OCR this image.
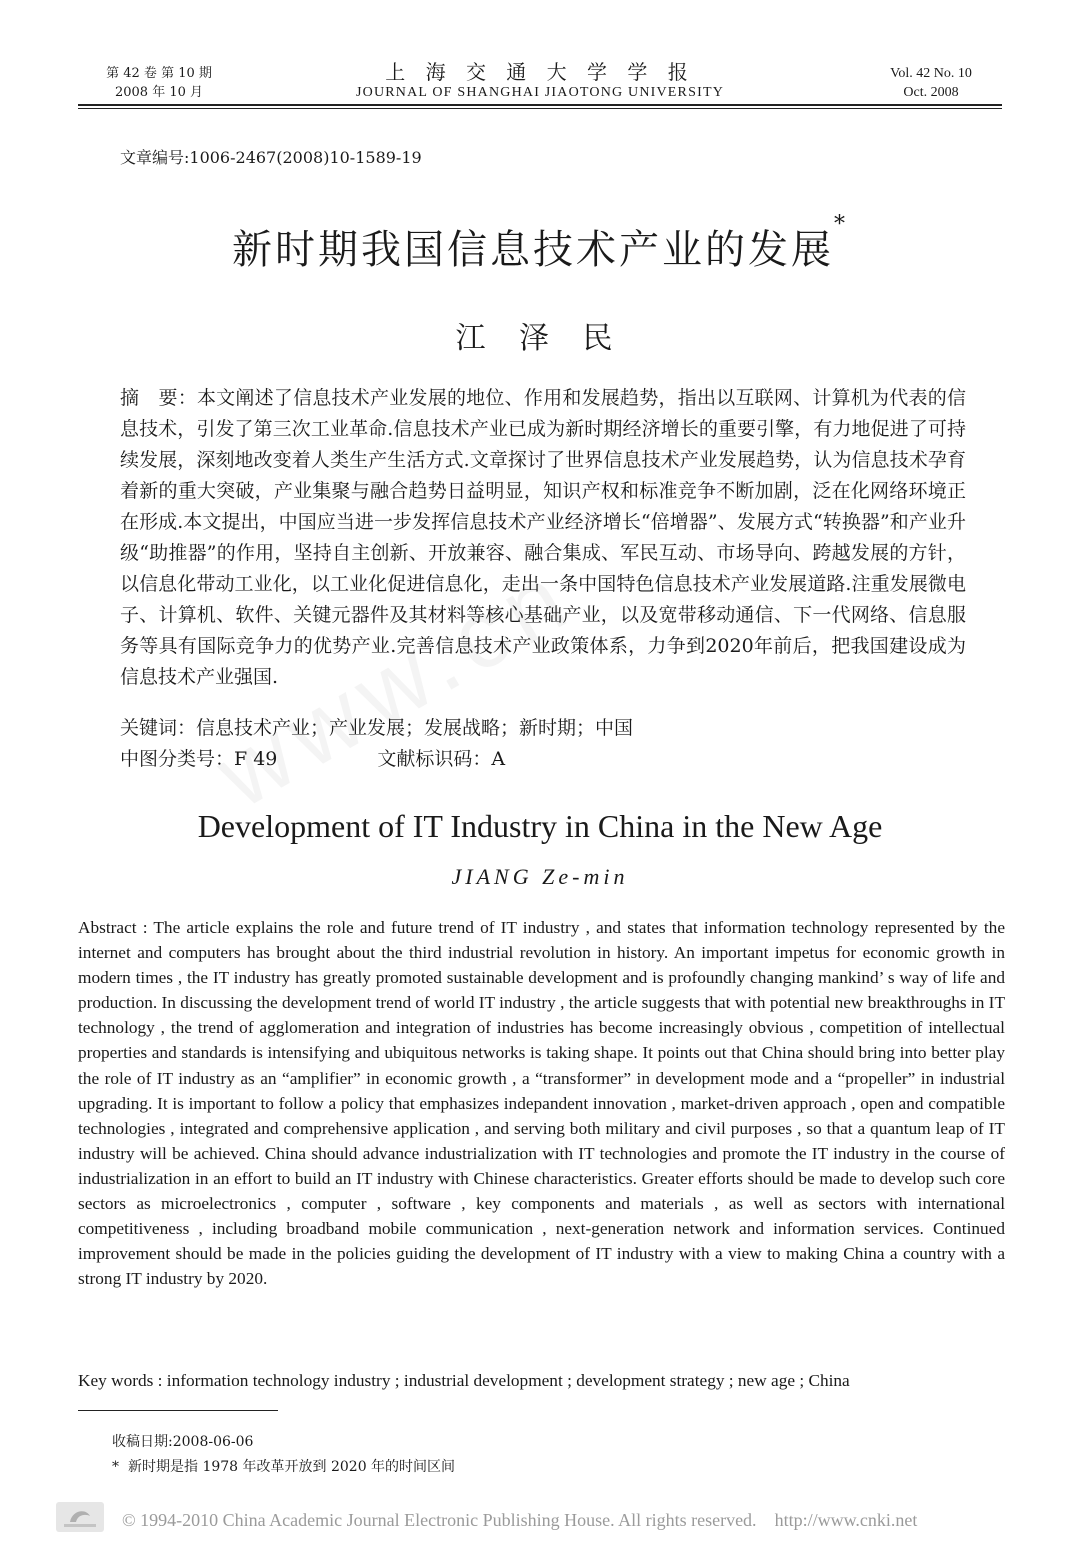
第 42 卷 第 10 期
2008 年 10 月
上 海 交 通 大 学 学 报
JOURNAL OF SHANGHAI JIAOTONG UNIVERSITY
Vol. 42 No. 10
Oct. 2008
文章编号:1006-2467(2008)10-1589-19
新时期我国信息技术产业的发展*
江 泽 民
摘　要：本文阐述了信息技术产业发展的地位、作用和发展趋势，指出以互联网、计算机为代表的信息技术，引发了第三次工业革命.信息技术产业已成为新时期经济增长的重要引擎，有力地促进了可持续发展，深刻地改变着人类生产生活方式.文章探讨了世界信息技术产业发展趋势，认为信息技术孕育着新的重大突破，产业集聚与融合趋势日益明显，知识产权和标准竞争不断加剧，泛在化网络环境正在形成.本文提出，中国应当进一步发挥信息技术产业经济增长“倍增器”、发展方式“转换器”和产业升级“助推器”的作用，坚持自主创新、开放兼容、融合集成、军民互动、市场导向、跨越发展的方针，以信息化带动工业化，以工业化促进信息化，走出一条中国特色信息技术产业发展道路.注重发展微电子、计算机、软件、关键元器件及其材料等核心基础产业，以及宽带移动通信、下一代网络、信息服务等具有国际竞争力的优势产业.完善信息技术产业政策体系，力争到2020年前后，把我国建设成为信息技术产业强国.
关键词：信息技术产业；产业发展；发展战略；新时期；中国
中图分类号：F 49	文献标识码：A
Development of IT Industry in China in the New Age
JIANG Ze-min
Abstract : The article explains the role and future trend of IT industry , and states that information technology represented by the internet and computers has brought about the third industrial revolution in history. An important impetus for economic growth in modern times , the IT industry has greatly promoted sustainable development and is profoundly changing mankind’ s way of life and production. In discussing the development trend of world IT industry , the article suggests that with potential new breakthroughs in IT technology , the trend of agglomeration and integration of industries has become increasingly obvious , competition of intellectual properties and standards is intensifying and ubiquitous networks is taking shape. It points out that China should bring into better play the role of IT industry as an “amplifier” in economic growth , a “transformer” in development mode and a “propeller” in industrial upgrading. It is important to follow a policy that emphasizes indepandent innovation , market-driven approach , open and compatible technologies , integrated and comprehensive application , and serving both military and civil purposes , so that a quantum leap of IT industry will be achieved. China should advance industrialization with IT technologies and promote the IT industry in the course of industrialization in an effort to build an IT industry with Chinese characteristics. Greater efforts should be made to develop such core sectors as microelectronics , computer , software , key components and materials , as well as sectors with international competitiveness , including broadband mobile communication , next-generation network and information services. Continued improvement should be made in the policies guiding the development of IT industry with a view to making China a country with a strong IT industry by 2020.
Key words : information technology industry ; industrial development ; development strategy ; new age ; China
收稿日期:2008-06-06
* 新时期是指 1978 年改革开放到 2020 年的时间区间
© 1994-2010 China Academic Journal Electronic Publishing House. All rights reserved. http://www.cnki.net
